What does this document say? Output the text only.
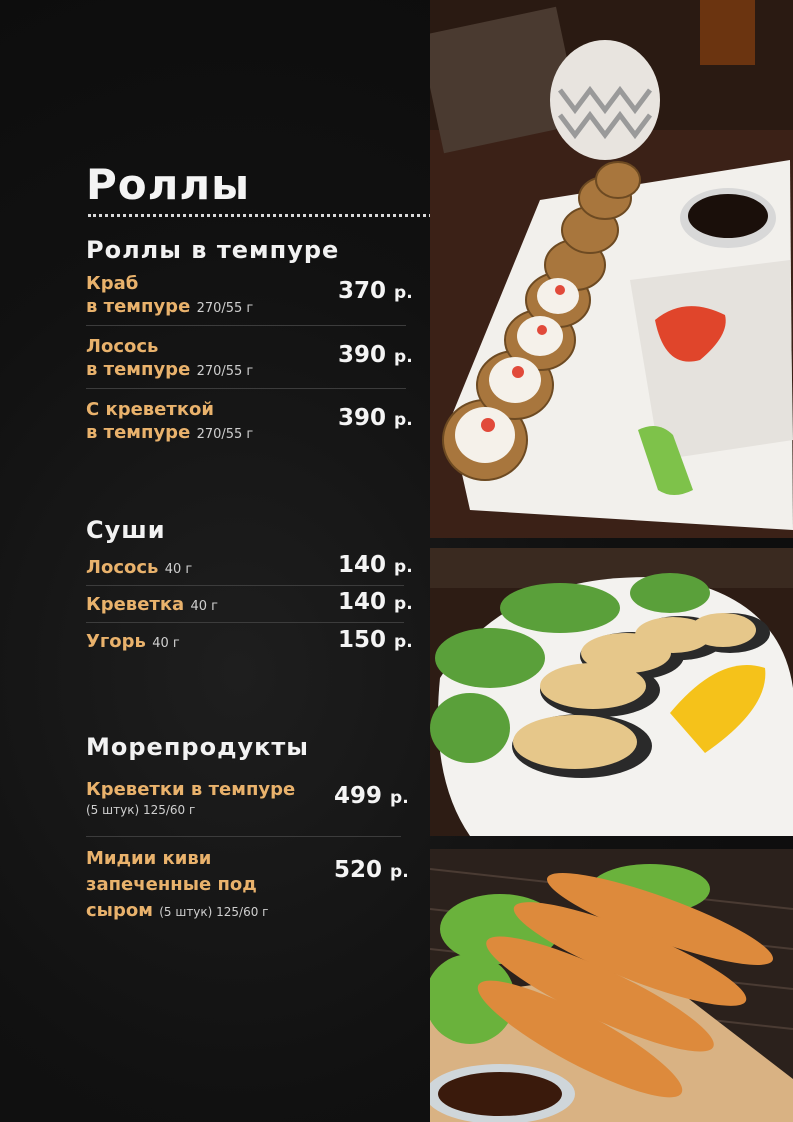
Роллы
Роллы в темпуре
Краб
в темпуре 270/55 г
370 р.
Лосось
в темпуре 270/55 г
390 р.
С креветкой
в темпуре 270/55 г
390 р.
Суши
Лосось 40 г	140 р.
Креветка 40 г	140 р.
Угорь 40 г	150 р.
Морепродукты
Креветки в темпуре
(5 штук) 125/60 г
499 р.
Мидии киви
запеченные под
сыром (5 штук) 125/60 г
520 р.
